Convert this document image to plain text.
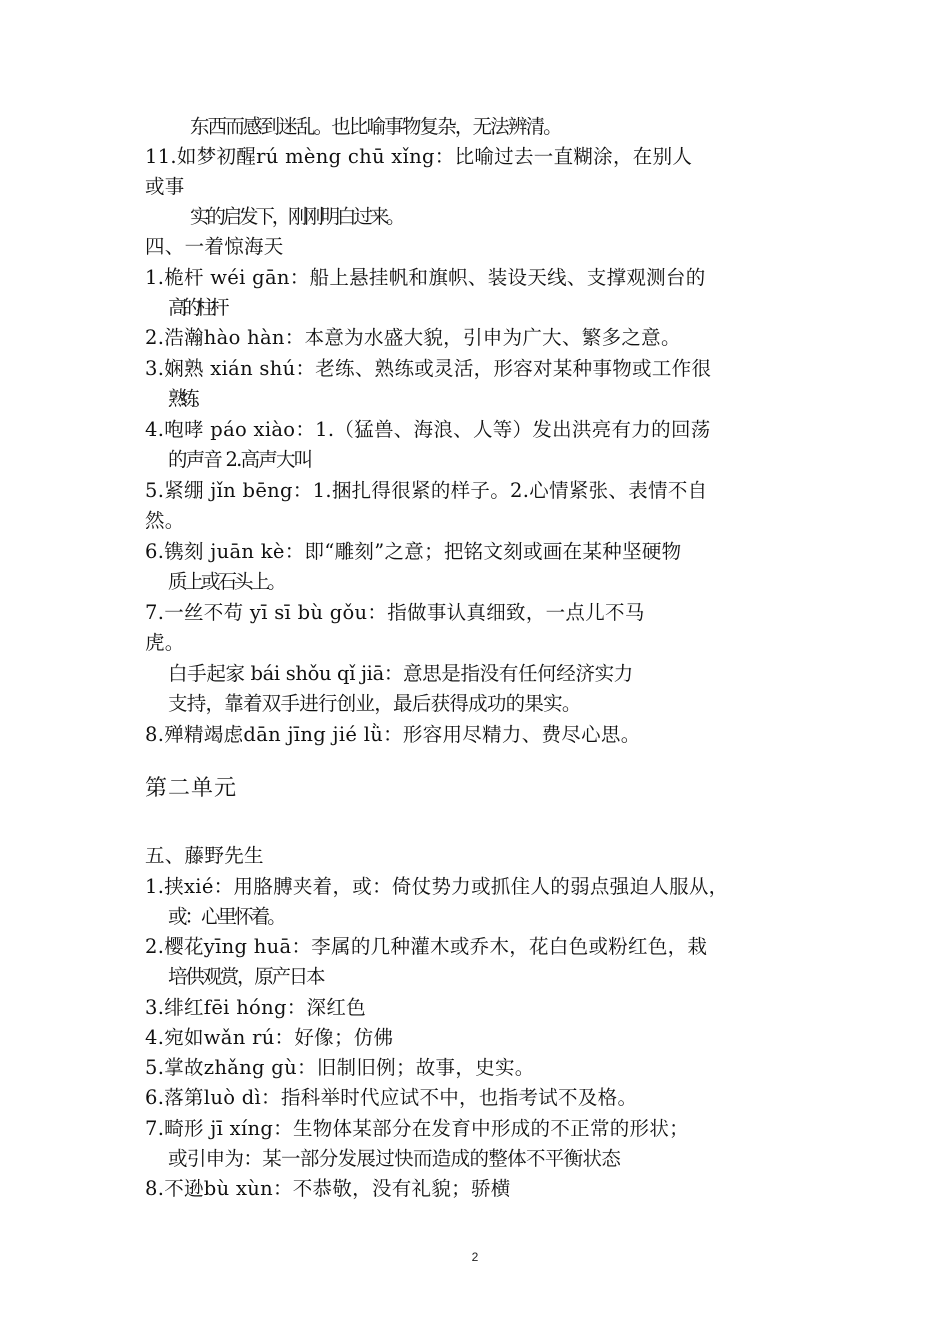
东西而感到迷乱。也比喻事物复杂，无法辨清。
11.如梦初醒rú mèng chū xǐng：比喻过去一直糊涂，在别人
或事
实的启发下，刚刚明白过来。
四、一着惊海天
1.桅杆 wéi gān：船上悬挂帆和旗帜、装设天线、支撑观测台的
高的柱杆
2.浩瀚hào hàn：本意为水盛大貌，引申为广大、繁多之意。
3.娴熟 xián shú：老练、熟练或灵活，形容对某种事物或工作很
熟练。
4.咆哮 páo xiào：1.（猛兽、海浪、人等）发出洪亮有力的回荡
的声音 2.高声大叫
5.紧绷 jǐn bēng：1.捆扎得很紧的样子。2.心情紧张、表情不自
然。
6.镌刻 juān kè：即“雕刻”之意；把铭文刻或画在某种坚硬物
质上或石头上。
7.一丝不苟 yī sī bù gǒu：指做事认真细致，一点儿不马
虎。
白手起家 bái shǒu qǐ jiā：意思是指没有任何经济实力
支持，靠着双手进行创业，最后获得成功的果实。
8.殚精竭虑dān jīng jié lǜ：形容用尽精力、费尽心思。
第二单元
五、藤野先生
1.挟xié：用胳膊夹着，或：倚仗势力或抓住人的弱点强迫人服从，
或：心里怀着。
2.樱花yīng huā：李属的几种灌木或乔木，花白色或粉红色，栽
培供观赏，原产日本
3.绯红fēi hóng：深红色
4.宛如wǎn rú：好像；仿佛
5.掌故zhǎng gù：旧制旧例；故事，史实。
6.落第luò dì：指科举时代应试不中，也指考试不及格。
7.畸形 jī xíng：生物体某部分在发育中形成的不正常的形状；
或引申为：某一部分发展过快而造成的整体不平衡状态
8.不逊bù xùn：不恭敬，没有礼貌；骄横
2
